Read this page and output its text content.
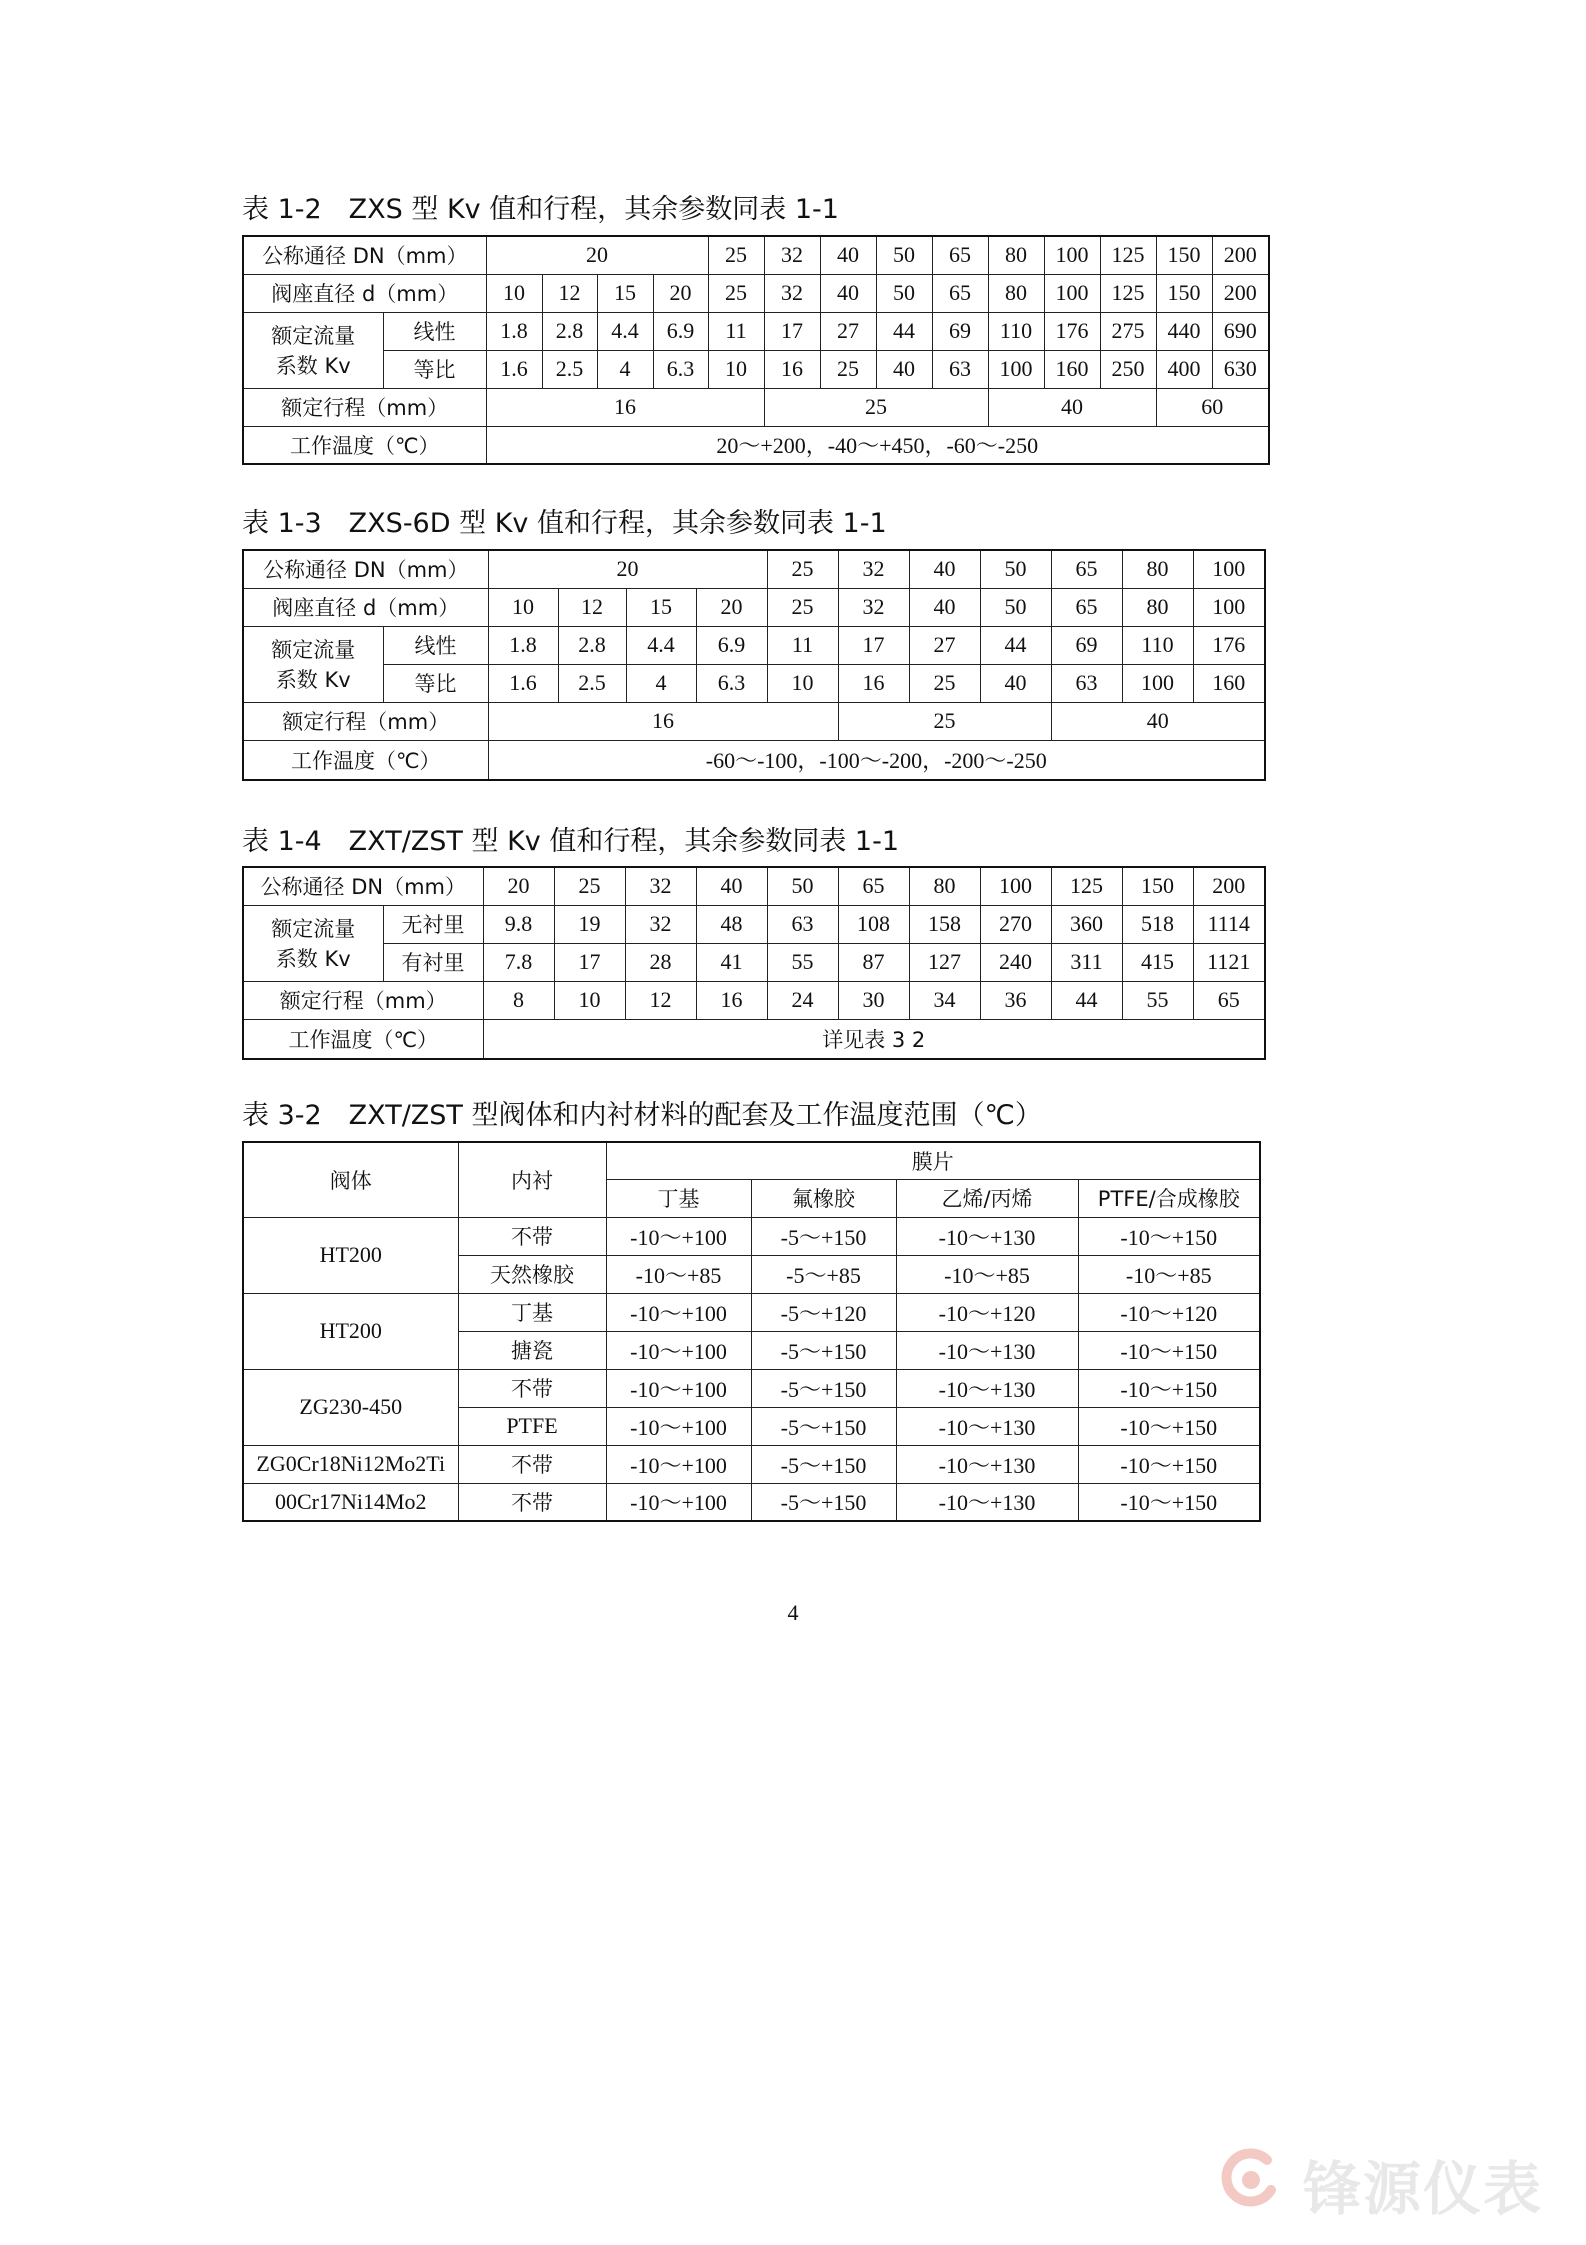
表 1-2　ZXS 型 Kv 值和行程，其余参数同表 1-1
公称通径 DN（mm）		20				25	32	40	50	65	80	100	125	150	200
阀座直径 d（mm）		10	12	15	20	25	32	40	50	65	80	100	125	150	200
额定流量
系数 Kv	线性	1.8	2.8	4.4	6.9	11	17	27	44	69	110	176	275	440	690
	等比	1.6	2.5	4	6.3	10	16	25	40	63	100	160	250	400	630
额定行程（mm）		16					25				40			60	
工作温度（℃）		20～+200，-40～+450，-60～-250													
表 1-3　ZXS-6D 型 Kv 值和行程，其余参数同表 1-1
公称通径 DN（mm）		20				25	32	40	50	65	80	100
阀座直径 d（mm）		10	12	15	20	25	32	40	50	65	80	100
额定流量
系数 Kv	线性	1.8	2.8	4.4	6.9	11	17	27	44	69	110	176
	等比	1.6	2.5	4	6.3	10	16	25	40	63	100	160
额定行程（mm）		16					25			40		
工作温度（℃）		-60～-100，-100～-200，-200～-250										
表 1-4　ZXT/ZST 型 Kv 值和行程，其余参数同表 1-1
公称通径 DN（mm）		20	25	32	40	50	65	80	100	125	150	200
额定流量
系数 Kv	无衬里	9.8	19	32	48	63	108	158	270	360	518	1114
	有衬里	7.8	17	28	41	55	87	127	240	311	415	1121
额定行程（mm）		8	10	12	16	24	30	34	36	44	55	65
工作温度（℃）		详见表 3 2										
表 3-2　ZXT/ZST 型阀体和内衬材料的配套及工作温度范围（℃）
阀体	内衬	膜片			
		丁基	氟橡胶	乙烯/丙烯	PTFE/合成橡胶
HT200	不带	-10～+100	-5～+150	-10～+130	-10～+150
	天然橡胶	-10～+85	-5～+85	-10～+85	-10～+85
HT200	丁基	-10～+100	-5～+120	-10～+120	-10～+120
	搪瓷	-10～+100	-5～+150	-10～+130	-10～+150
ZG230-450	不带	-10～+100	-5～+150	-10～+130	-10～+150
	PTFE	-10～+100	-5～+150	-10～+130	-10～+150
ZG0Cr18Ni12Mo2Ti	不带	-10～+100	-5～+150	-10～+130	-10～+150
00Cr17Ni14Mo2	不带	-10～+100	-5～+150	-10～+130	-10～+150
4
锋源仪表
